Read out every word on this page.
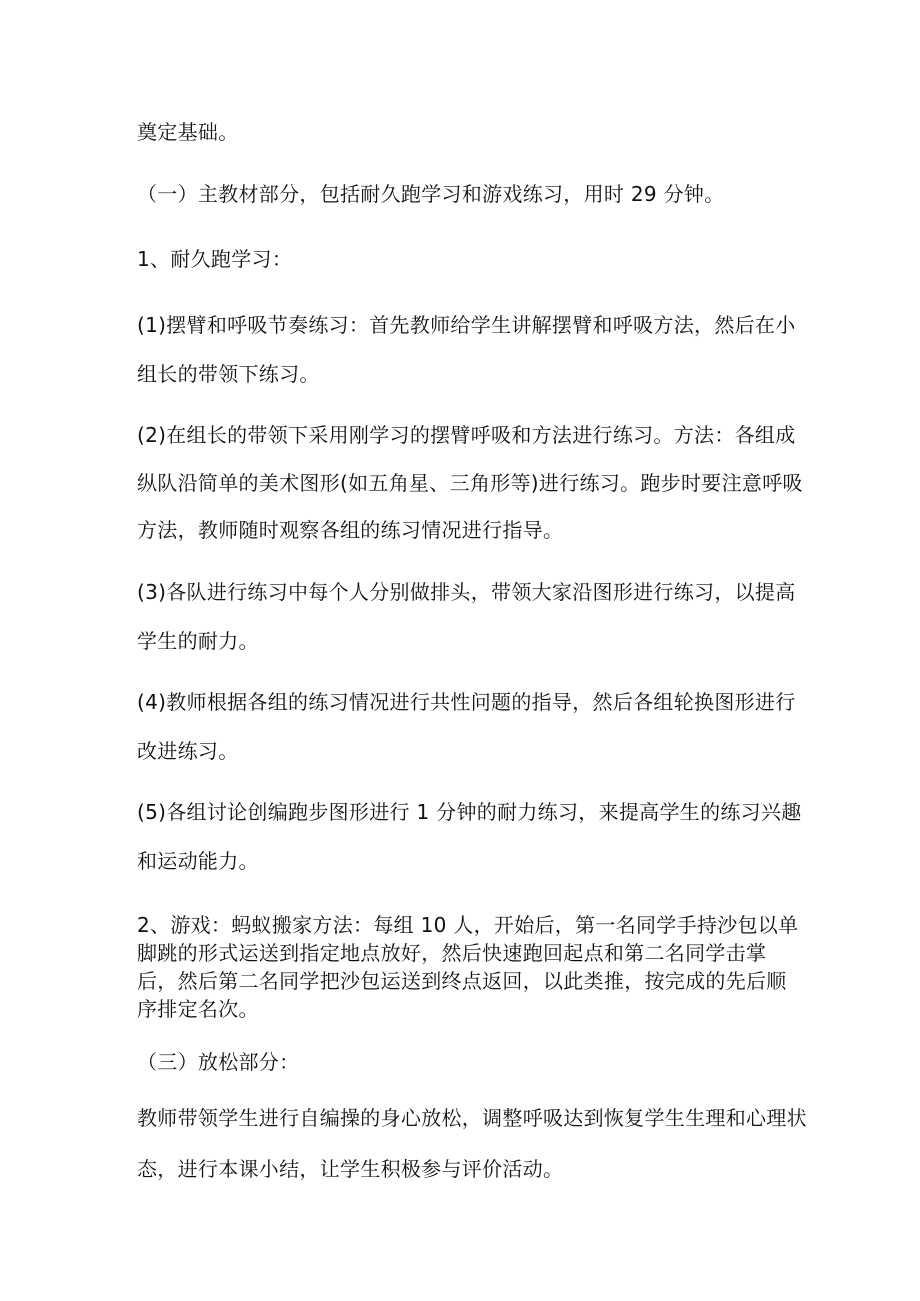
奠定基础。
（一）主教材部分，包括耐久跑学习和游戏练习，用时 29 分钟。
1、耐久跑学习：
(1)摆臂和呼吸节奏练习：首先教师给学生讲解摆臂和呼吸方法，然后在小
组长的带领下练习。
(2)在组长的带领下采用刚学习的摆臂呼吸和方法进行练习。方法：各组成
纵队沿简单的美术图形(如五角星、三角形等)进行练习。跑步时要注意呼吸
方法，教师随时观察各组的练习情况进行指导。
(3)各队进行练习中每个人分别做排头，带领大家沿图形进行练习，以提高
学生的耐力。
(4)教师根据各组的练习情况进行共性问题的指导，然后各组轮换图形进行
改进练习。
(5)各组讨论创编跑步图形进行 1 分钟的耐力练习，来提高学生的练习兴趣
和运动能力。
2、游戏：蚂蚁搬家方法：每组 10 人，开始后，第一名同学手持沙包以单
脚跳的形式运送到指定地点放好，然后快速跑回起点和第二名同学击掌
后，然后第二名同学把沙包运送到终点返回，以此类推，按完成的先后顺
序排定名次。
（三）放松部分：
教师带领学生进行自编操的身心放松，调整呼吸达到恢复学生生理和心理状
态，进行本课小结，让学生积极参与评价活动。
